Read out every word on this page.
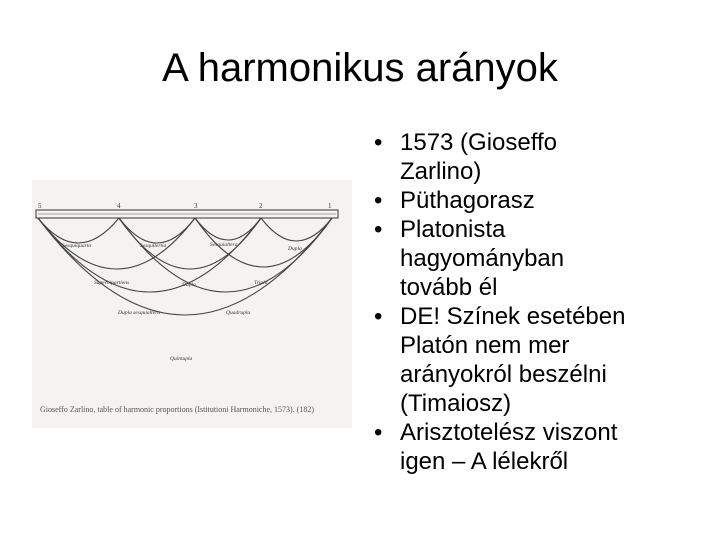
A harmonikus arányok
5	4	3	2	1
Sesquiquarta	Sesquitertia	Sesquialtera
Dupla
Superbipartiens	Dupla	Tripla
Dupla sesquialtera	Quadrupla
Quintupla
Gioseffo Zarlino, table of harmonic proportions (Istitutioni Harmoniche, 1573). (182)
• 1573 (Gioseffo
Zarlino)
• Püthagorasz
• Platonista
hagyományban
tovább él
• DE! Színek esetében
Platón nem mer
arányokról beszélni
(Timaiosz)
• Arisztotelész viszont
igen – A lélekről
